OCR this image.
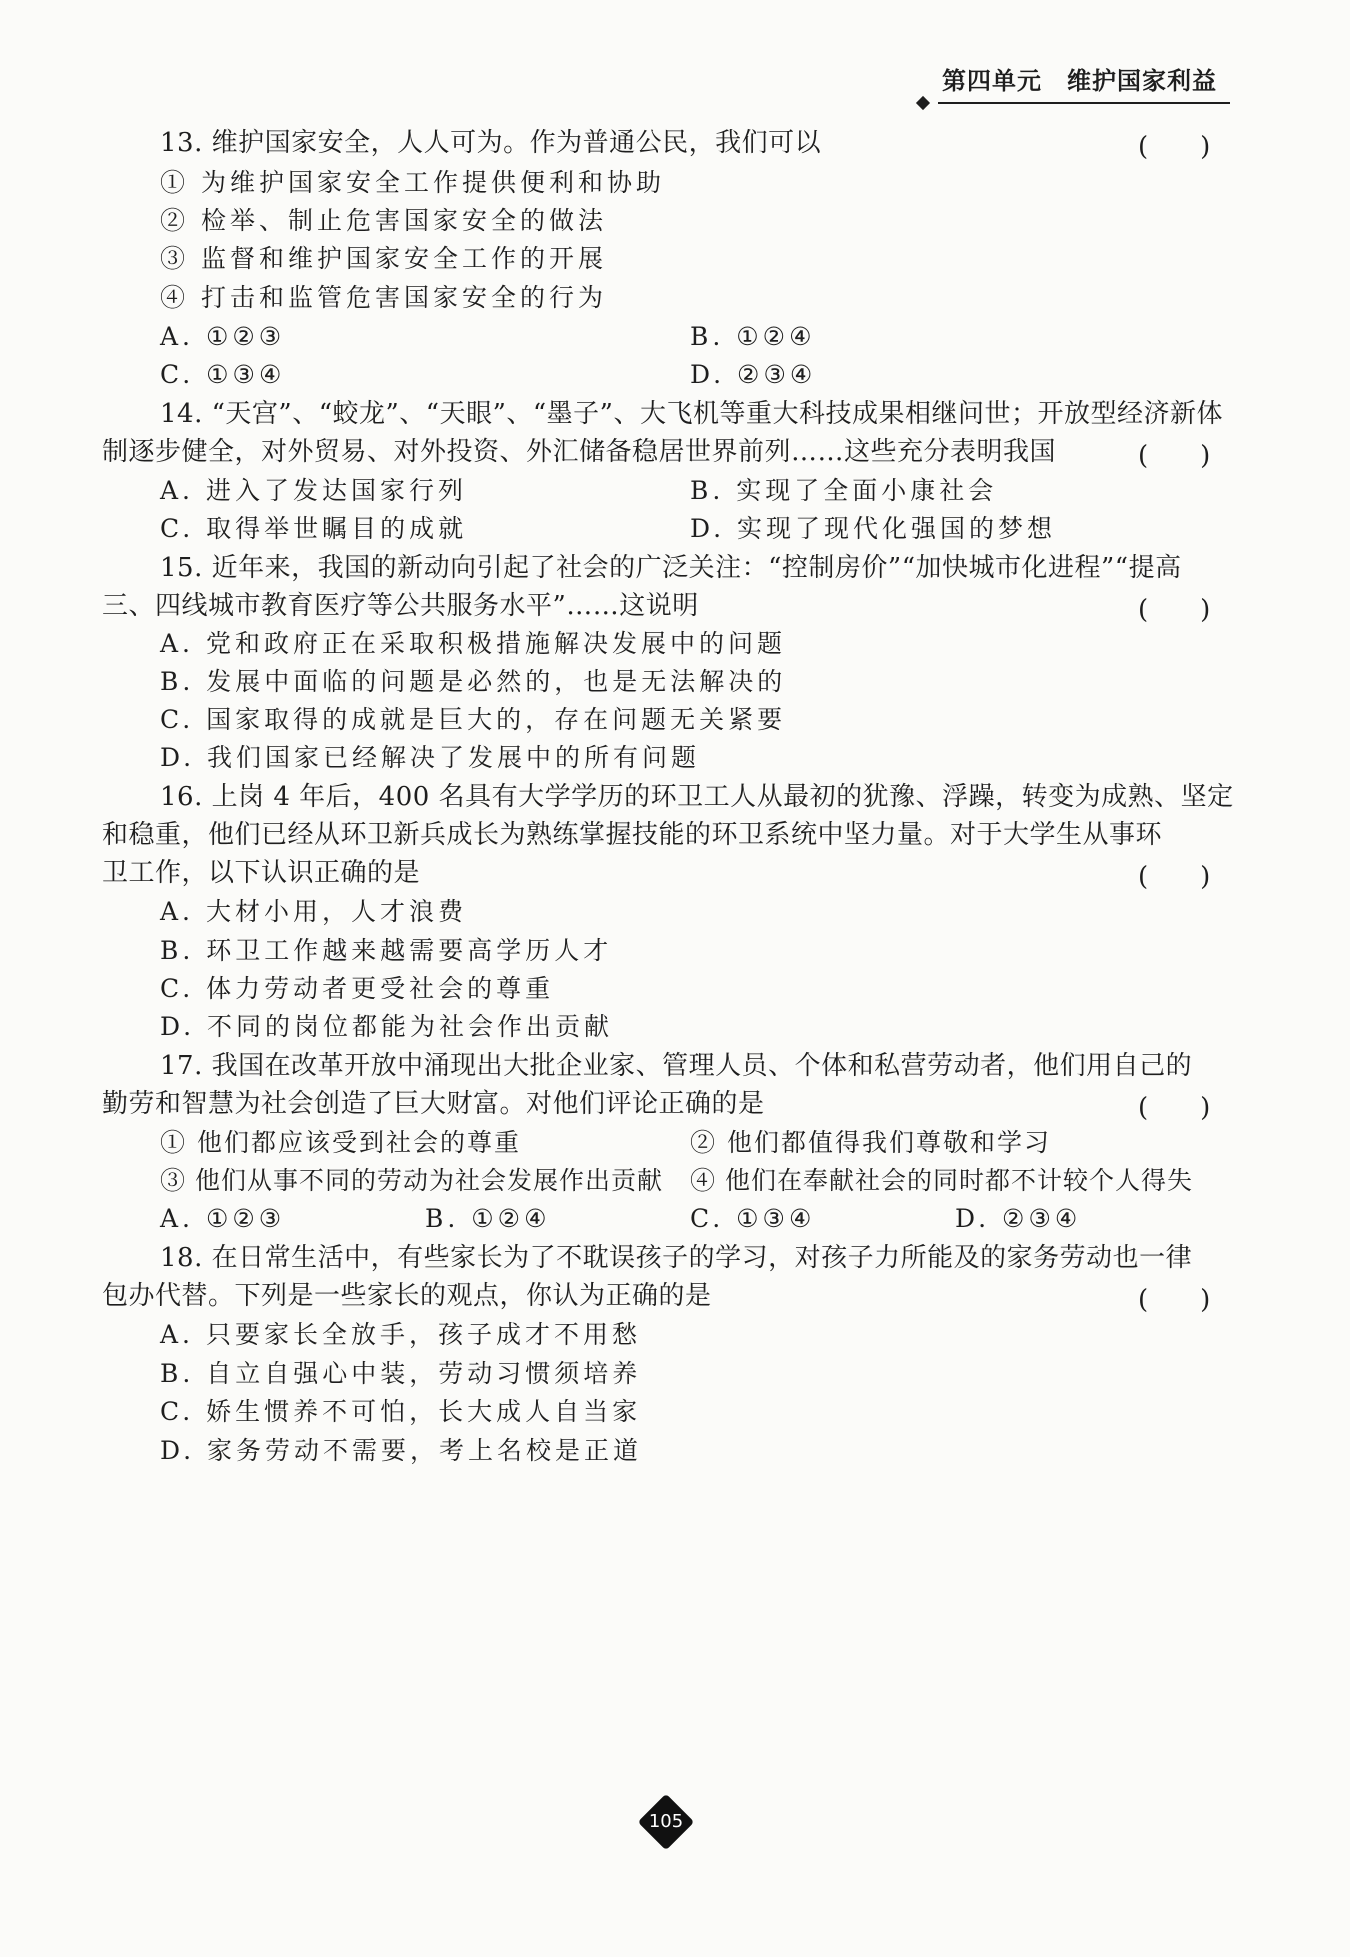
第四单元　维护国家利益
13. 维护国家安全，人人可为。作为普通公民，我们可以	(　　)
① 为维护国家安全工作提供便利和协助
② 检举、制止危害国家安全的做法
③ 监督和维护国家安全工作的开展
④ 打击和监管危害国家安全的行为
A. ①②③	B. ①②④
C. ①③④	D. ②③④
14. “天宫”、“蛟龙”、“天眼”、“墨子”、大飞机等重大科技成果相继问世；开放型经济新体
制逐步健全，对外贸易、对外投资、外汇储备稳居世界前列……这些充分表明我国	(　　)
A. 进入了发达国家行列	B. 实现了全面小康社会
C. 取得举世瞩目的成就	D. 实现了现代化强国的梦想
15. 近年来，我国的新动向引起了社会的广泛关注：“控制房价”“加快城市化进程”“提高
三、四线城市教育医疗等公共服务水平”……这说明	(　　)
A. 党和政府正在采取积极措施解决发展中的问题
B. 发展中面临的问题是必然的，也是无法解决的
C. 国家取得的成就是巨大的，存在问题无关紧要
D. 我们国家已经解决了发展中的所有问题
16. 上岗 4 年后，400 名具有大学学历的环卫工人从最初的犹豫、浮躁，转变为成熟、坚定
和稳重，他们已经从环卫新兵成长为熟练掌握技能的环卫系统中坚力量。对于大学生从事环
卫工作，以下认识正确的是	(　　)
A. 大材小用，人才浪费
B. 环卫工作越来越需要高学历人才
C. 体力劳动者更受社会的尊重
D. 不同的岗位都能为社会作出贡献
17. 我国在改革开放中涌现出大批企业家、管理人员、个体和私营劳动者，他们用自己的
勤劳和智慧为社会创造了巨大财富。对他们评论正确的是	(　　)
① 他们都应该受到社会的尊重	② 他们都值得我们尊敬和学习
③ 他们从事不同的劳动为社会发展作出贡献 ④ 他们在奉献社会的同时都不计较个人得失
A. ①②③	B. ①②④	C. ①③④	D. ②③④
18. 在日常生活中，有些家长为了不耽误孩子的学习，对孩子力所能及的家务劳动也一律
包办代替。下列是一些家长的观点，你认为正确的是	(　　)
A. 只要家长全放手，孩子成才不用愁
B. 自立自强心中装，劳动习惯须培养
C. 娇生惯养不可怕，长大成人自当家
D. 家务劳动不需要，考上名校是正道
105
